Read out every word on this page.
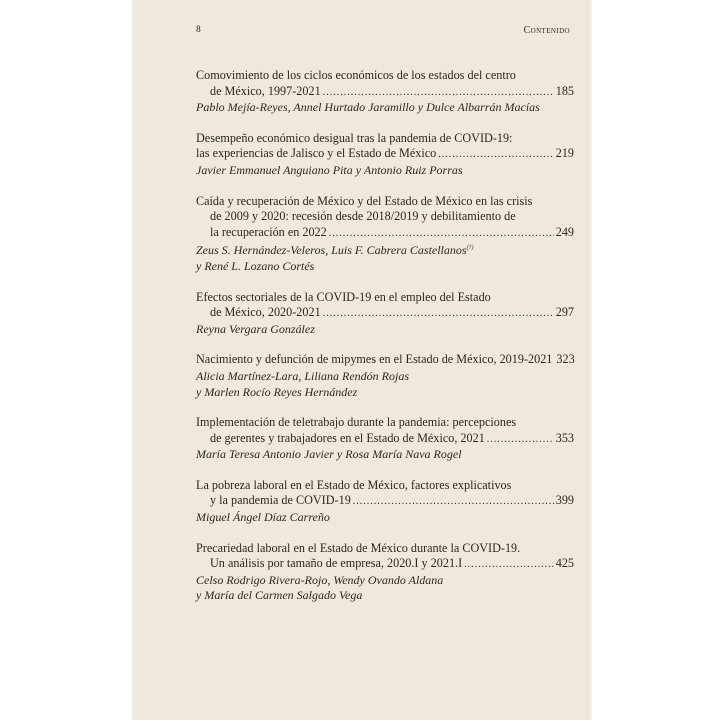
8	Contenido
Comovimiento de los ciclos económicos de los estados del centro
de México, 1997-2021 .....	185
Pablo Mejía-Reyes, Annel Hurtado Jaramillo y Dulce Albarrán Macías
Desempeño económico desigual tras la pandemia de COVID-19:
las experiencias de Jalisco y el Estado de México .....	219
Javier Emmanuel Anguiano Pita y Antonio Ruiz Porras
Caída y recuperación de México y del Estado de México en las crisis
de 2009 y 2020: recesión desde 2018/2019 y debilitamiento de
la recuperación en 2022 .....	249
Zeus S. Hernández-Veleros, Luis F. Cabrera Castellanos(†)
y René L. Lozano Cortés
Efectos sectoriales de la COVID-19 en el empleo del Estado
de México, 2020-2021 .....	297
Reyna Vergara González
Nacimiento y defunción de mipymes en el Estado de México, 2019-2021 323
Alicia Martínez-Lara, Liliana Rendón Rojas
y Marlen Rocío Reyes Hernández
Implementación de teletrabajo durante la pandemia: percepciones
de gerentes y trabajadores en el Estado de México, 2021 .....	353
María Teresa Antonio Javier y Rosa María Nava Rogel
La pobreza laboral en el Estado de México, factores explicativos
y la pandemia de COVID-19 .....	399
Miguel Ángel Díaz Carreño
Precariedad laboral en el Estado de México durante la COVID-19.
Un análisis por tamaño de empresa, 2020.I y 2021.I .....	425
Celso Rodrigo Rivera-Rojo, Wendy Ovando Aldana
y María del Carmen Salgado Vega
